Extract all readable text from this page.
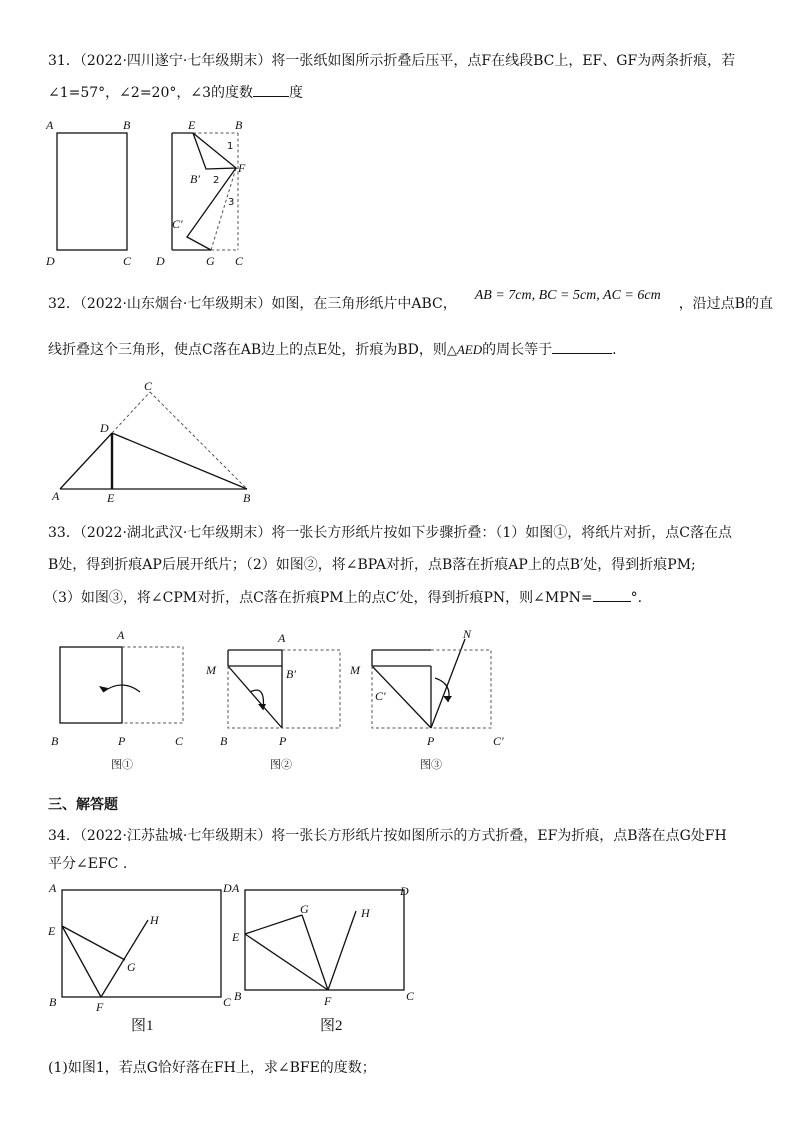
31．（2022·四川遂宁·七年级期末）将一张纸如图所示折叠后压平，点F在线段BC上，EF、GF为两条折痕，若
∠1=57°，∠2=20°，∠3的度数	度
A	B
D	C
E	B
F
B′
C′
D	G C
1
2
3
32．（2022·山东烟台·七年级期末）如图，在三角形纸片中ABC，AB = 7cm, BC = 5cm, AC = 6cm，沿过点B的直
线折叠这个三角形，使点C落在AB边上的点E处，折痕为BD，则△AED的周长等于	.
C
D
A	E	B
33．（2022·湖北武汉·七年级期末）将一张长方形纸片按如下步骤折叠：（1）如图①，将纸片对折，点C落在点
B处，得到折痕AP后展开纸片；（2）如图②，将∠BPA对折，点B落在折痕AP上的点B′处，得到折痕PM;
（3）如图③，将∠CPM对折，点C落在折痕PM上的点C′处，得到折痕PN，则∠MPN=	°.
A
B	P	C
图①
A
M	B′
B	P
图②
N
M
C′
P	C′
图③
三、解答题
34．（2022·江苏盐城·七年级期末）将一张长方形纸片按如图所示的方式折叠，EF为折痕，点B落在点G处FH
平分∠EFC .
A	D
E
H
G
B	F	C
图1
A	D
E
G	H
B	F	C
图2
(1)如图1，若点G恰好落在FH上，求∠BFE的度数；
